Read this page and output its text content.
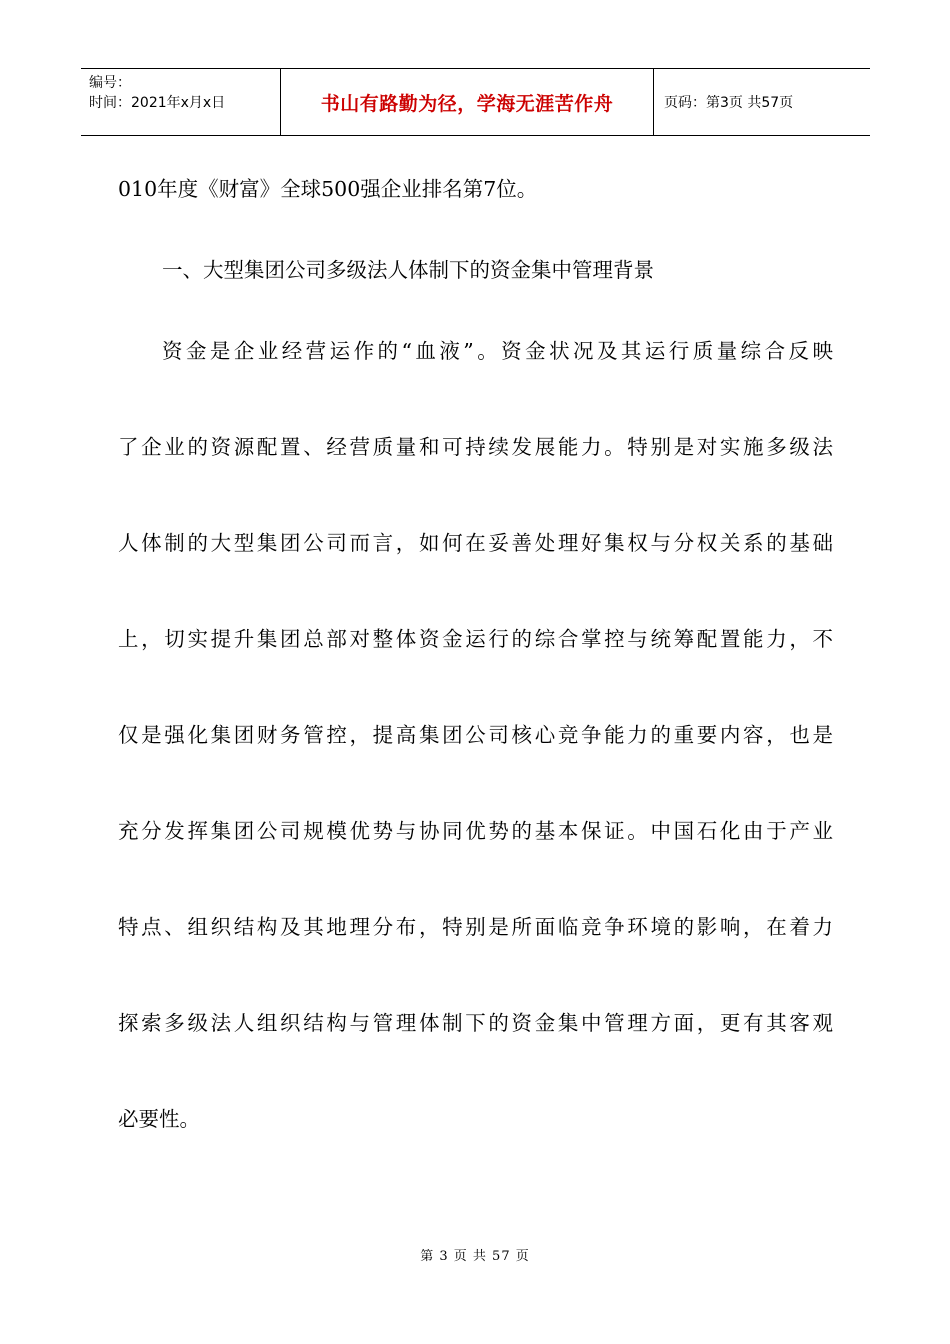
编号：
时间：2021年x月x日	书山有路勤为径，学海无涯苦作舟	页码：第3页 共57页
010年度《财富》全球500强企业排名第7位。
一、大型集团公司多级法人体制下的资金集中管理背景
资金是企业经营运作的“血液”。资金状况及其运行质量综合反映
了企业的资源配置、经营质量和可持续发展能力。特别是对实施多级法
人体制的大型集团公司而言，如何在妥善处理好集权与分权关系的基础
上，切实提升集团总部对整体资金运行的综合掌控与统筹配置能力，不
仅是强化集团财务管控，提高集团公司核心竞争能力的重要内容，也是
充分发挥集团公司规模优势与协同优势的基本保证。中国石化由于产业
特点、组织结构及其地理分布，特别是所面临竞争环境的影响，在着力
探索多级法人组织结构与管理体制下的资金集中管理方面，更有其客观
必要性。
第 3 页 共 57 页
